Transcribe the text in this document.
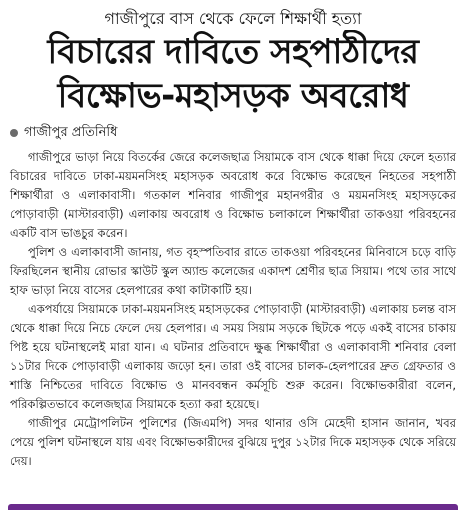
গাজীপুরে বাস থেকে ফেলে শিক্ষার্থী হত্যা
বিচারের দাবিতে সহপাঠীদের
বিক্ষোভ-মহাসড়ক অবরোধ
গাজীপুর প্রতিনিধি

গাজীপুরে ভাড়া নিয়ে বিতর্কের জেরে কলেজছাত্র সিয়ামকে বাস থেকে ধাক্কা দিয়ে ফেলে হত্যার বিচারের দাবিতে ঢাকা-ময়মনসিংহ মহাসড়ক অবরোধ করে বিক্ষোভ করেছেন নিহতের সহপাঠী শিক্ষার্থীরা ও এলাকাবাসী। গতকাল শনিবার গাজীপুর মহানগরীর ও ময়মনসিংহ মহাসড়কের পোড়াবাড়ী (মাস্টারবাড়ী) এলাকায় অবরোধ ও বিক্ষোভ চলাকালে শিক্ষার্থীরা তাকওয়া পরিবহনের একটি বাস ভাঙচুর করেন।

পুলিশ ও এলাকাবাসী জানায়, গত বৃহস্পতিবার রাতে তাকওয়া পরিবহনের মিনিবাসে চড়ে বাড়ি ফিরছিলেন স্থানীয় রোভার স্কাউট স্কুল অ্যান্ড কলেজের একাদশ শ্রেণীর ছাত্র সিয়াম। পথে তার সাথে হাফ ভাড়া নিয়ে বাসের হেলপারের কথা কাটাকাটি হয়।

একপর্যায়ে সিয়ামকে ঢাকা-ময়মনসিংহ মহাসড়কের পোড়াবাড়ী (মাস্টারবাড়ী) এলাকায় চলন্ত বাস থেকে ধাক্কা দিয়ে নিচে ফেলে দেয় হেলপার। এ সময় সিয়াম সড়কে ছিটকে পড়ে একই বাসের চাকায় পিষ্ট হয়ে ঘটনাস্থলেই মারা যান। এ ঘটনার প্রতিবাদে ক্ষুব্ধ শিক্ষার্থীরা ও এলাকাবাসী শনিবার বেলা ১১টার দিকে পোড়াবাড়ী এলাকায় জড়ো হন। তারা ওই বাসের চালক-হেলপারের দ্রুত গ্রেফতার ও শাস্তি নিশ্চিতের দাবিতে বিক্ষোভ ও মানববন্ধন কর্মসূচি শুরু করেন। বিক্ষোভকারীরা বলেন, পরিকল্পিতভাবে কলেজছাত্র সিয়ামকে হত্যা করা হয়েছে।

গাজীপুর মেট্রোপলিটন পুলিশের (জিএমপি) সদর থানার ওসি মেহেদী হাসান জানান, খবর পেয়ে পুলিশ ঘটনাস্থলে যায় এবং বিক্ষোভকারীদের বুঝিয়ে দুপুর ১২টার দিকে মহাসড়ক থেকে সরিয়ে দেয়।
